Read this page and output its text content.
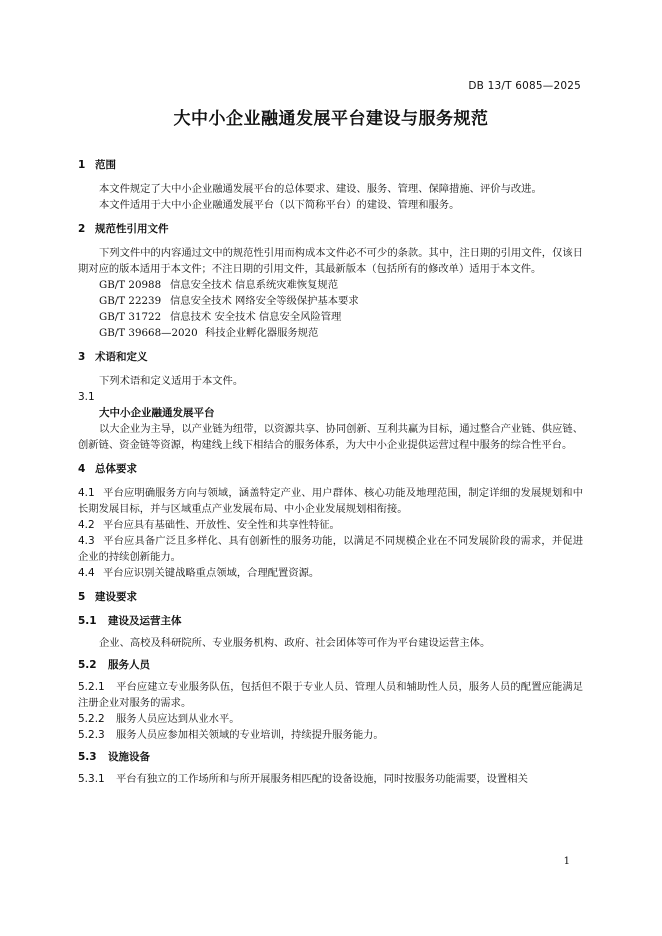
DB 13/T 6085—2025
大中小企业融通发展平台建设与服务规范
1 范围

本文件规定了大中小企业融通发展平台的总体要求、建设、服务、管理、保障措施、评价与改进。

本文件适用于大中小企业融通发展平台（以下简称平台）的建设、管理和服务。

2 规范性引用文件

下列文件中的内容通过文中的规范性引用而构成本文件必不可少的条款。其中，注日期的引用文件，仅该日期对应的版本适用于本文件；不注日期的引用文件，其最新版本（包括所有的修改单）适用于本文件。

GB/T 20988 信息安全技术 信息系统灾难恢复规范

GB/T 22239 信息安全技术 网络安全等级保护基本要求

GB/T 31722 信息技术 安全技术 信息安全风险管理

GB/T 39668—2020 科技企业孵化器服务规范

3 术语和定义

下列术语和定义适用于本文件。

3.1

大中小企业融通发展平台

以大企业为主导，以产业链为纽带，以资源共享、协同创新、互利共赢为目标，通过整合产业链、供应链、创新链、资金链等资源，构建线上线下相结合的服务体系，为大中小企业提供运营过程中服务的综合性平台。

4 总体要求

4.1 平台应明确服务方向与领域，涵盖特定产业、用户群体、核心功能及地理范围，制定详细的发展规划和中长期发展目标，并与区域重点产业发展布局、中小企业发展规划相衔接。

4.2 平台应具有基础性、开放性、安全性和共享性特征。

4.3 平台应具备广泛且多样化、具有创新性的服务功能，以满足不同规模企业在不同发展阶段的需求，并促进企业的持续创新能力。

4.4 平台应识别关键战略重点领域，合理配置资源。

5 建设要求
5.1 建设及运营主体

企业、高校及科研院所、专业服务机构、政府、社会团体等可作为平台建设运营主体。

5.2 服务人员

5.2.1 平台应建立专业服务队伍，包括但不限于专业人员、管理人员和辅助性人员，服务人员的配置应能满足注册企业对服务的需求。

5.2.2 服务人员应达到从业水平。

5.2.3 服务人员应参加相关领域的专业培训，持续提升服务能力。

5.3 设施设备

5.3.1 平台有独立的工作场所和与所开展服务相匹配的设备设施，同时按服务功能需要，设置相关

1
